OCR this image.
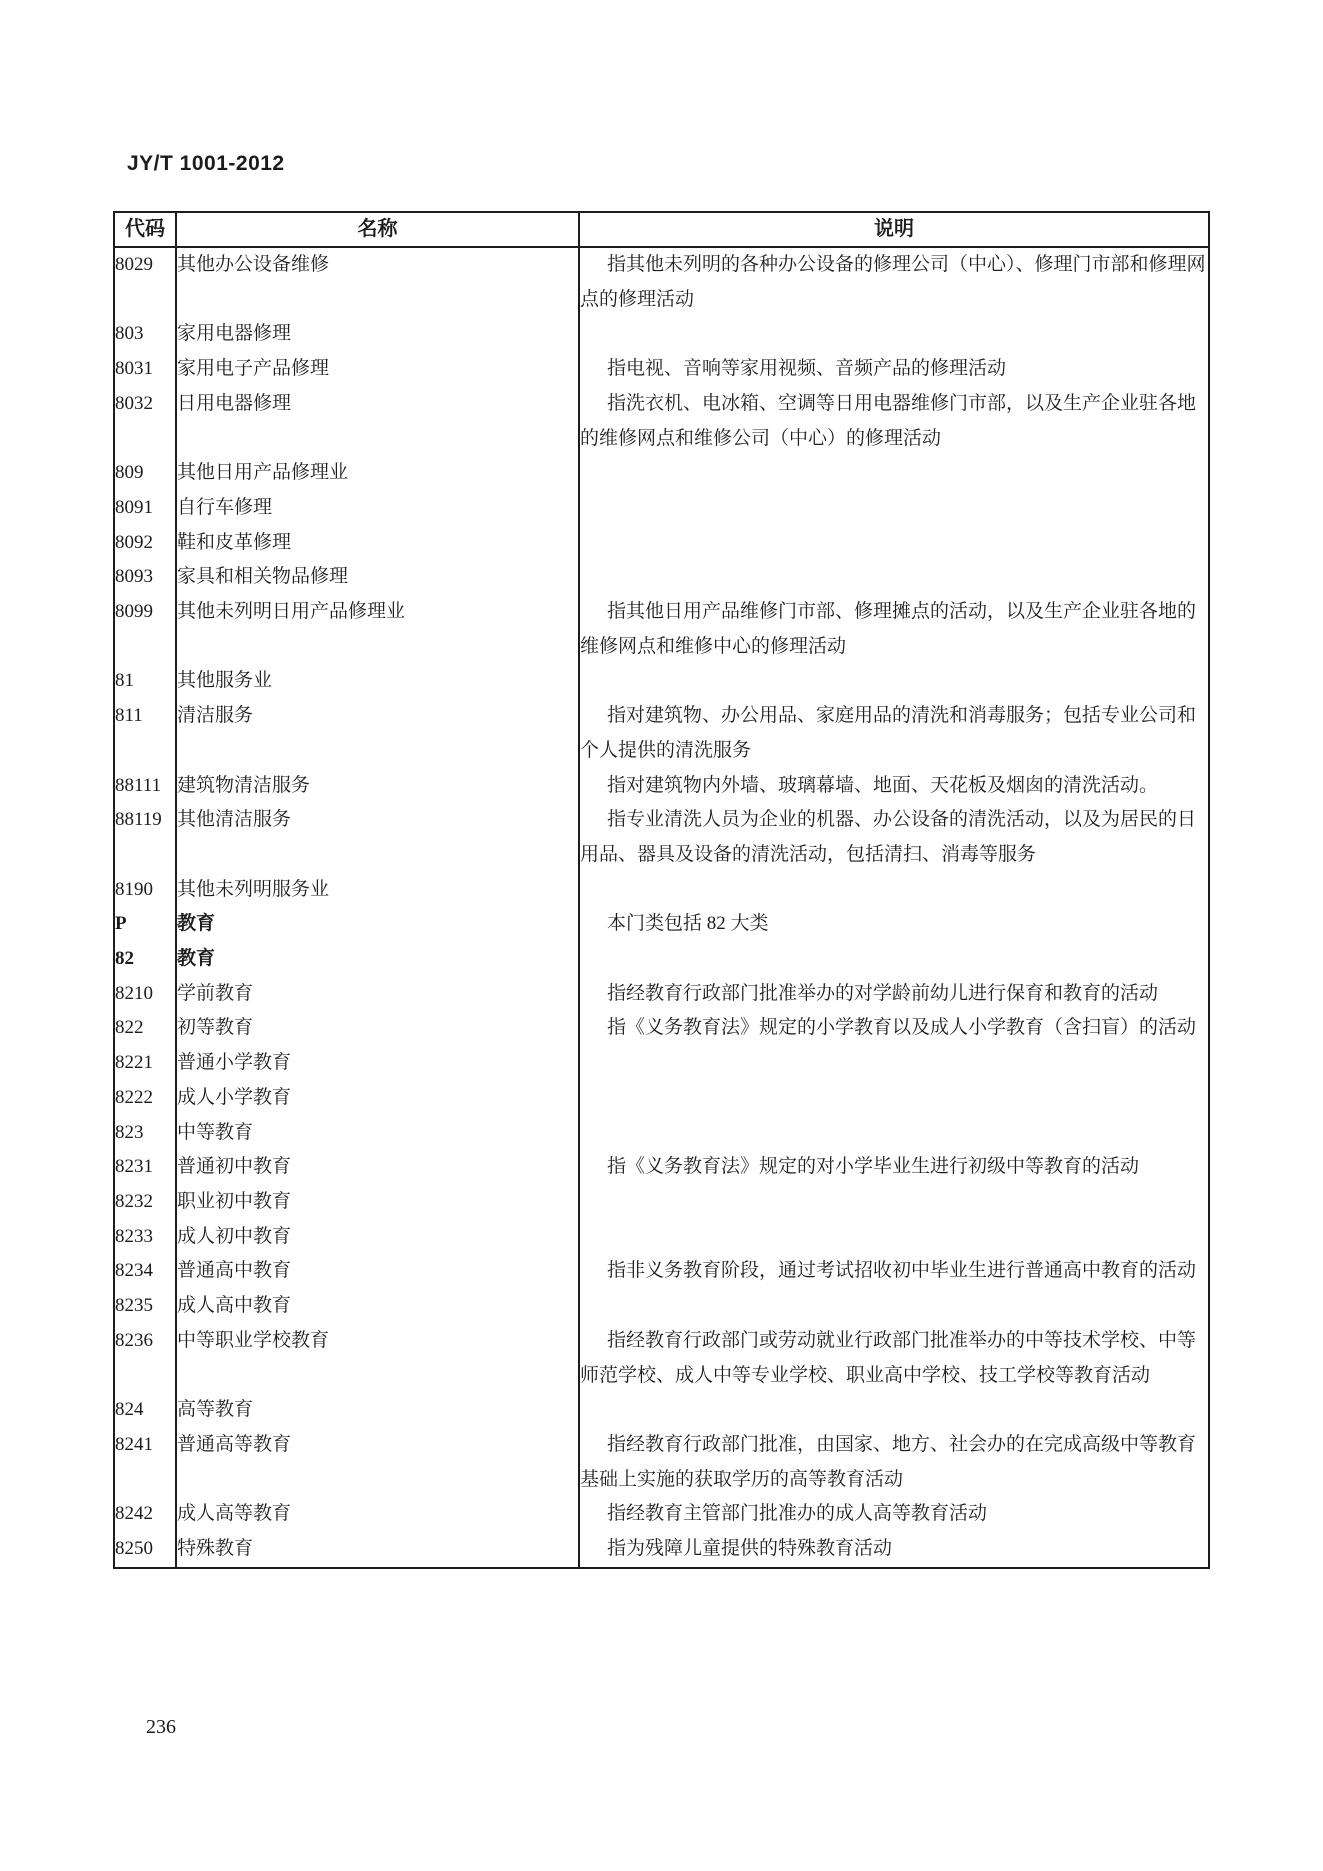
JY/T 1001-2012
代码	名称	说明
8029	其他办公设备维修	指其他未列明的各种办公设备的修理公司（中心）、修理门市部和修理网点的修理活动
803	家用电器修理	
8031	家用电子产品修理	指电视、音响等家用视频、音频产品的修理活动
8032	日用电器修理	指洗衣机、电冰箱、空调等日用电器维修门市部，以及生产企业驻各地的维修网点和维修公司（中心）的修理活动
809	其他日用产品修理业	
8091	自行车修理	
8092	鞋和皮革修理	
8093	家具和相关物品修理	
8099	其他未列明日用产品修理业	指其他日用产品维修门市部、修理摊点的活动，以及生产企业驻各地的维修网点和维修中心的修理活动
81	其他服务业	
811	清洁服务	指对建筑物、办公用品、家庭用品的清洗和消毒服务；包括专业公司和个人提供的清洗服务
88111	建筑物清洁服务	指对建筑物内外墙、玻璃幕墙、地面、天花板及烟囱的清洗活动。
88119	其他清洁服务	指专业清洗人员为企业的机器、办公设备的清洗活动，以及为居民的日用品、器具及设备的清洗活动，包括清扫、消毒等服务
8190	其他未列明服务业	
P	教育	本门类包括 82 大类
82	教育	
8210	学前教育	指经教育行政部门批准举办的对学龄前幼儿进行保育和教育的活动
822	初等教育	指《义务教育法》规定的小学教育以及成人小学教育（含扫盲）的活动
8221	普通小学教育	
8222	成人小学教育	
823	中等教育	
8231	普通初中教育	指《义务教育法》规定的对小学毕业生进行初级中等教育的活动
8232	职业初中教育	
8233	成人初中教育	
8234	普通高中教育	指非义务教育阶段，通过考试招收初中毕业生进行普通高中教育的活动
8235	成人高中教育	
8236	中等职业学校教育	指经教育行政部门或劳动就业行政部门批准举办的中等技术学校、中等师范学校、成人中等专业学校、职业高中学校、技工学校等教育活动
824	高等教育	
8241	普通高等教育	指经教育行政部门批准，由国家、地方、社会办的在完成高级中等教育基础上实施的获取学历的高等教育活动
8242	成人高等教育	指经教育主管部门批准办的成人高等教育活动
8250	特殊教育	指为残障儿童提供的特殊教育活动
236
